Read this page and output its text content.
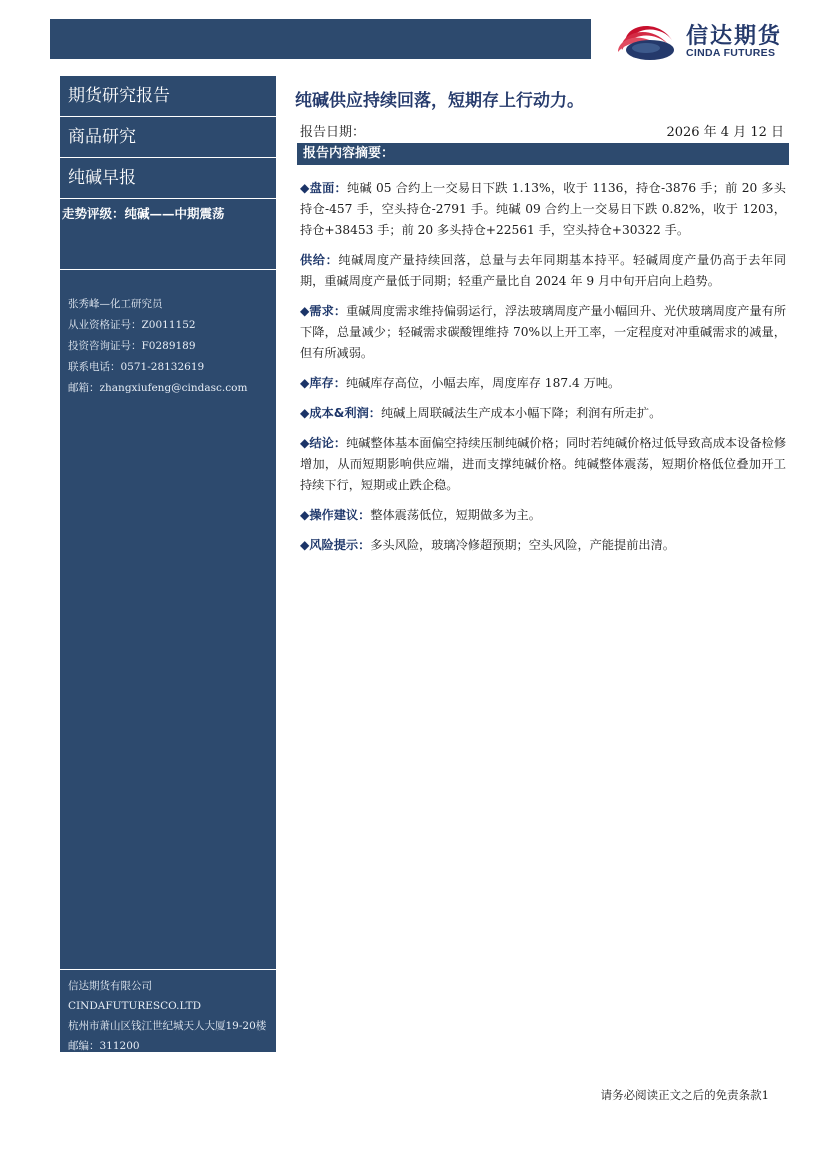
信达期货
CINDA FUTURES
期货研究报告
商品研究
纯碱早报
走势评级：纯碱——中期震荡
张秀峰—化工研究员
从业资格证号：Z0011152
投资咨询证号：F0289189
联系电话：0571-28132619
邮箱：zhangxiufeng@cindasc.com
信达期货有限公司
CINDAFUTURESCO.LTD
杭州市萧山区钱江世纪城天人大厦19-20楼
邮编：311200
纯碱供应持续回落，短期存上行动力。
报告日期：	2026 年 4 月 12 日
报告内容摘要：

◆盘面：纯碱 05 合约上一交易日下跌 1.13%，收于 1136，持仓-3876 手；前 20 多头持仓-457 手，空头持仓-2791 手。纯碱 09 合约上一交易日下跌 0.82%，收于 1203，持仓+38453 手；前 20 多头持仓+22561 手，空头持仓+30322 手。

供给：纯碱周度产量持续回落，总量与去年同期基本持平。轻碱周度产量仍高于去年同期，重碱周度产量低于同期；轻重产量比自 2024 年 9 月中旬开启向上趋势。

◆需求：重碱周度需求维持偏弱运行，浮法玻璃周度产量小幅回升、光伏玻璃周度产量有所下降，总量减少；轻碱需求碳酸锂维持 70%以上开工率，一定程度对冲重碱需求的减量，但有所减弱。

◆库存：纯碱库存高位，小幅去库，周度库存 187.4 万吨。

◆成本&利润：纯碱上周联碱法生产成本小幅下降；利润有所走扩。

◆结论：纯碱整体基本面偏空持续压制纯碱价格；同时若纯碱价格过低导致高成本设备检修增加，从而短期影响供应端，进而支撑纯碱价格。纯碱整体震荡，短期价格低位叠加开工持续下行，短期或止跌企稳。

◆操作建议：整体震荡低位，短期做多为主。

◆风险提示：多头风险，玻璃冷修超预期；空头风险，产能提前出清。

请务必阅读正文之后的免责条款1
